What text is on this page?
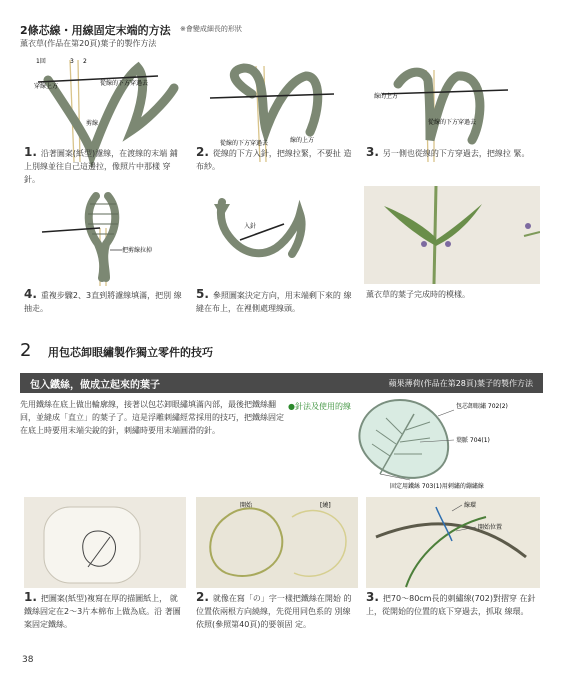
2條芯線・用線固定末端的方法 ※會變成細長的形狀
薰衣草(作品在第20頁)葉子的製作方法
1回	3 2
穿線上方	從線的下方穿過去
剪線
從線的下方穿過去	線的上方
線的上方
從線的下方穿過去
1. 沿著圖案(紙型)濾線，在渡線的末端 鋪上別線並往自己這邊拉，像照片中那樣 穿針。
2. 從線的下方入針，把線拉緊，不要扯 造布紗。
3. 另一側也從線的下方穿過去，把線拉 緊。
把剪線拉掉
入針
4. 重複步驟2、3直到將濾線填滿，把別 線抽走。
5. 參照圖案決定方向，用末端剩下來的 線縫在布上，在裡側處理線頭。
薰衣草的葉子完成時的模樣。
2 用包芯卸眼繡製作獨立零件的技巧
包入鐵絲，做成立起來的葉子	蘋果薄荷(作品在第28頁)葉子的製作方法
先用鐵絲在底上做出輪廓線，接著以包芯卸眼繡填滿內部，最後把鐵絲翻回，並縫成「直立」的葉子了。這是浮雕刺繡經常採用的技巧，把鐵絲固定在底上時要用末端尖銳的針，刺繡時要用末端圓滑的針。
●針法及使用的線	包芯卸眼繡 702(2)
葉脈 704(1)
固定用鐵絲 703(1)用刺繡的繃繡線
開始	[繞]	線環
開始位置
1. 把圖案(紙型)複寫在厚的描圖紙上， 就鐵絲固定在2～3片本棉布上做為底。沿 著圖案固定鐵絲。
2. 就像在寫「の」字一樣把鐵絲在開始 的位置依兩根方向繞線，先從用同色系的 別線依照(參照第40頁)的要領固 定。
3. 把70～80cm長的刺繡線(702)對摺穿 在針上，從開始的位置的底下穿過去，抓取 線環。
38
